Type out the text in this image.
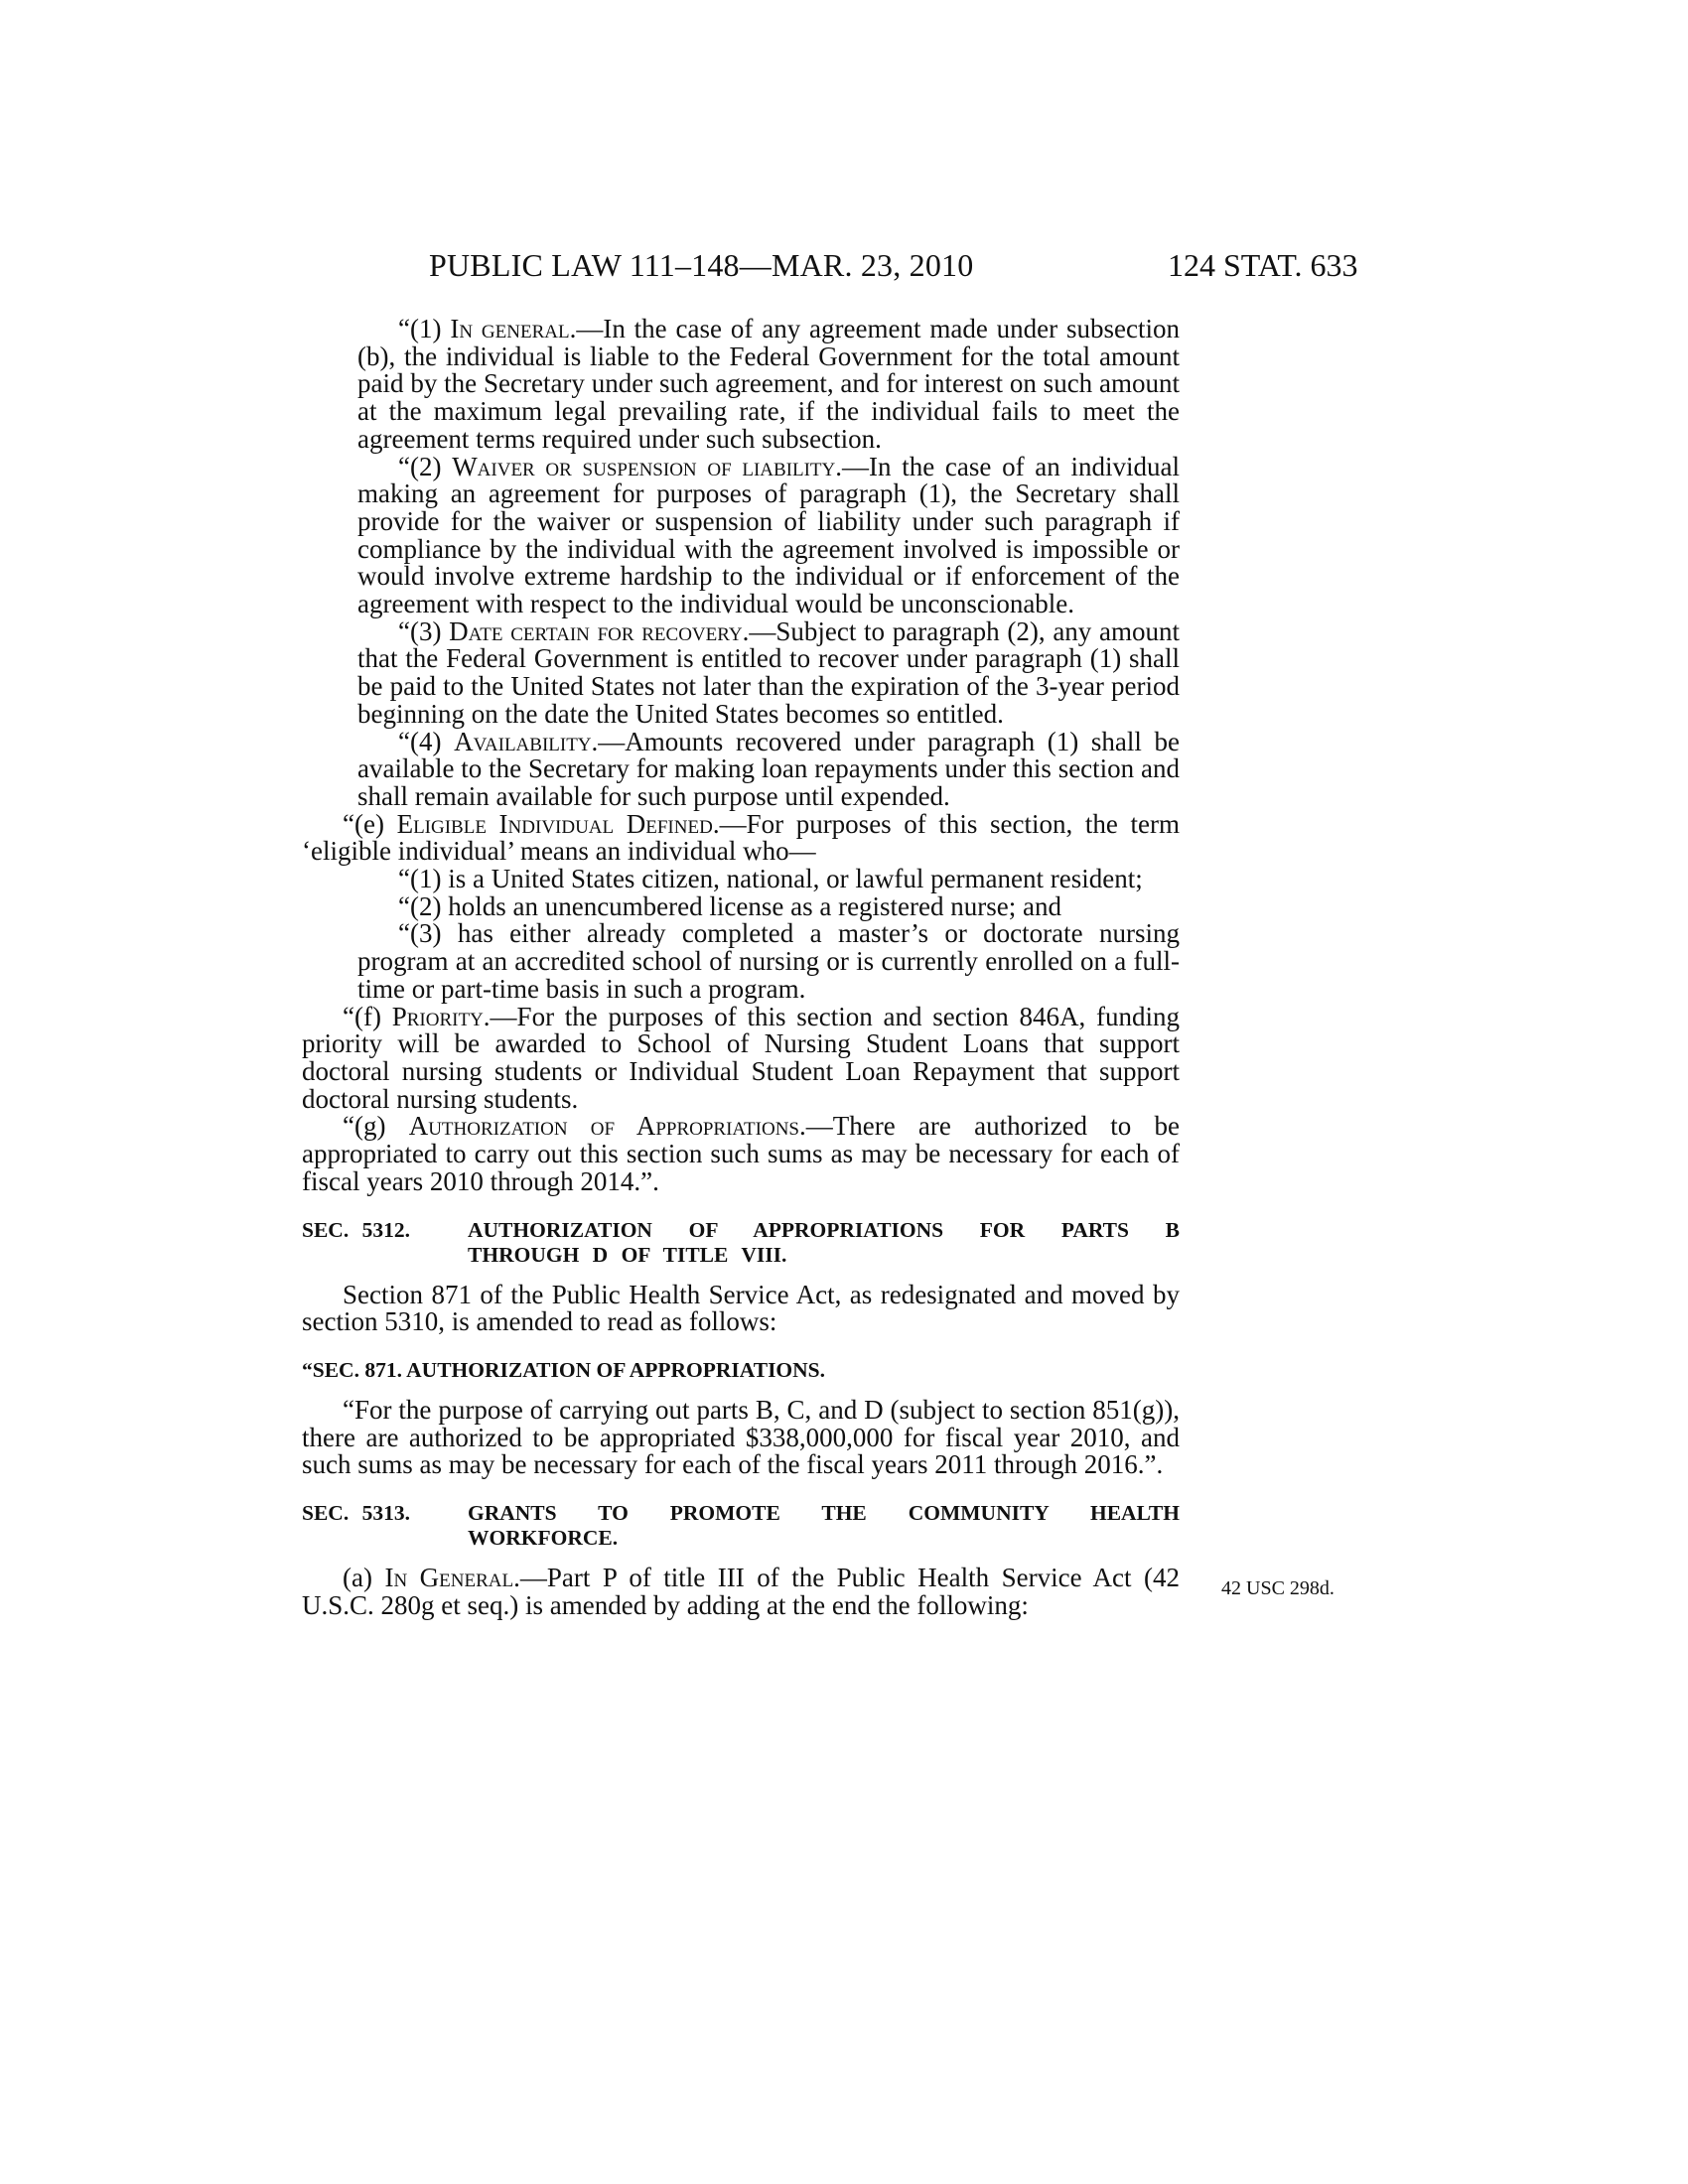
PUBLIC LAW 111–148—MAR. 23, 2010	124 STAT. 633
42 USC 298d.

“(1) In general.—In the case of any agreement made under subsection (b), the individual is liable to the Federal Government for the total amount paid by the Secretary under such agreement, and for interest on such amount at the maximum legal prevailing rate, if the individual fails to meet the agreement terms required under such subsection.

“(2) Waiver or suspension of liability.—In the case of an individual making an agreement for purposes of paragraph (1), the Secretary shall provide for the waiver or suspension of liability under such paragraph if compliance by the individual with the agreement involved is impossible or would involve extreme hardship to the individual or if enforcement of the agreement with respect to the individual would be unconscionable.

“(3) Date certain for recovery.—Subject to paragraph (2), any amount that the Federal Government is entitled to recover under paragraph (1) shall be paid to the United States not later than the expiration of the 3-year period beginning on the date the United States becomes so entitled.

“(4) Availability.—Amounts recovered under paragraph (1) shall be available to the Secretary for making loan repayments under this section and shall remain available for such purpose until expended.

“(e) Eligible Individual Defined.—For purposes of this section, the term ‘eligible individual’ means an individual who—

“(1) is a United States citizen, national, or lawful permanent resident;

“(2) holds an unencumbered license as a registered nurse; and

“(3) has either already completed a master’s or doctorate nursing program at an accredited school of nursing or is currently enrolled on a full-time or part-time basis in such a program.

“(f) Priority.—For the purposes of this section and section 846A, funding priority will be awarded to School of Nursing Student Loans that support doctoral nursing students or Individual Student Loan Repayment that support doctoral nursing students.

“(g) Authorization of Appropriations.—There are authorized to be appropriated to carry out this section such sums as may be necessary for each of fiscal years 2010 through 2014.”.

SEC. 5312.	AUTHORIZATION OF APPROPRIATIONS FOR PARTS B THROUGH D OF TITLE VIII.

Section 871 of the Public Health Service Act, as redesignated and moved by section 5310, is amended to read as follows:

“SEC. 871. AUTHORIZATION OF APPROPRIATIONS.

“For the purpose of carrying out parts B, C, and D (subject to section 851(g)), there are authorized to be appropriated $338,000,000 for fiscal year 2010, and such sums as may be necessary for each of the fiscal years 2011 through 2016.”.

SEC. 5313.	GRANTS TO PROMOTE THE COMMUNITY HEALTH WORKFORCE.

(a) In General.—Part P of title III of the Public Health Service Act (42 U.S.C. 280g et seq.) is amended by adding at the end the following:
